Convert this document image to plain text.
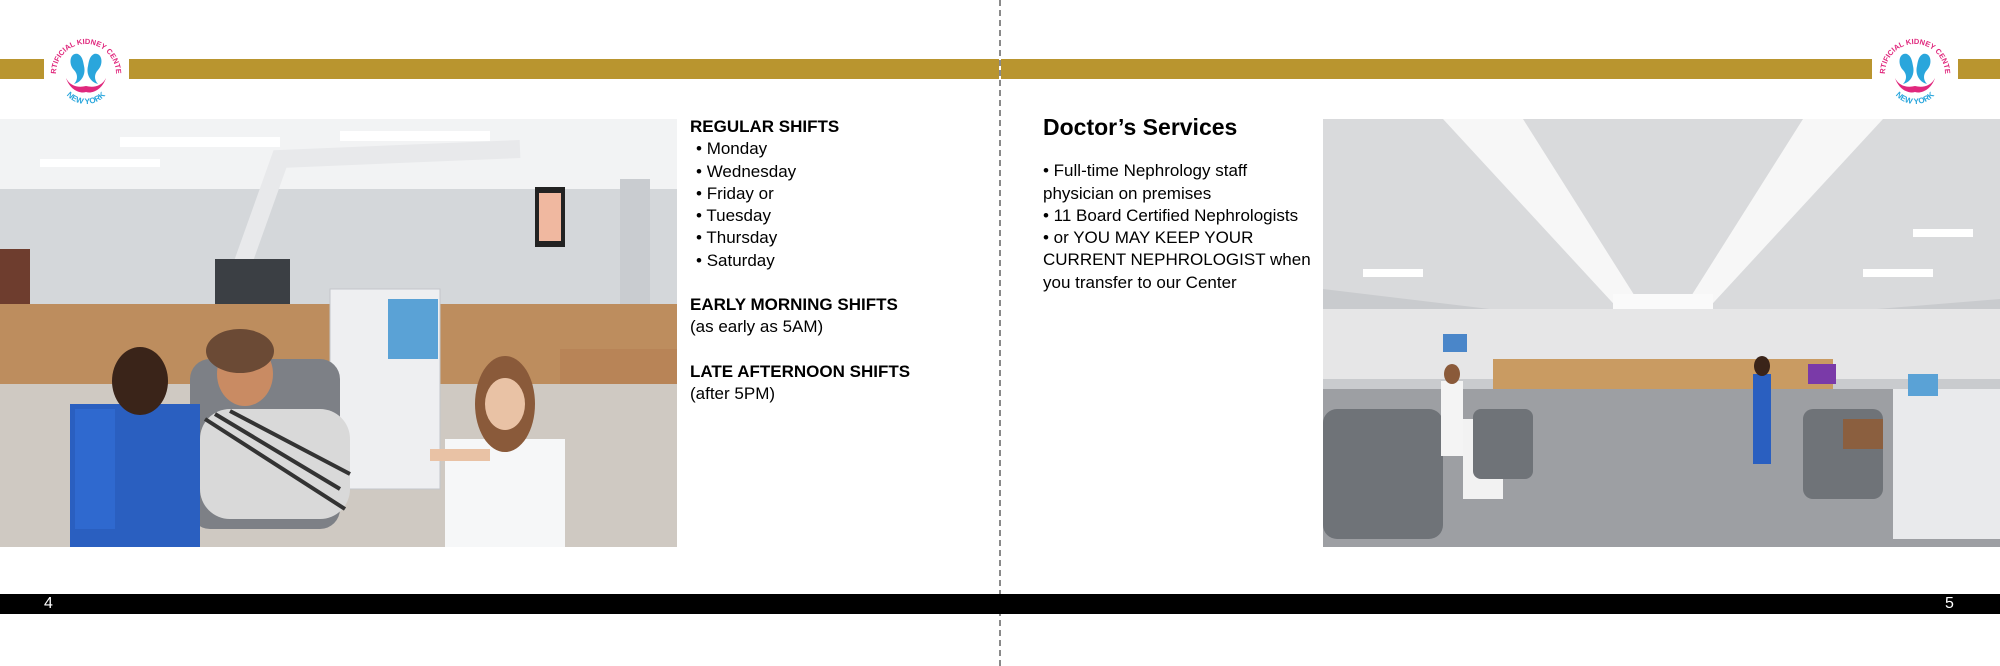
RTIFICIAL KIDNEY CENTE
NEW YORK
RTIFICIAL KIDNEY CENTE
NEW YORK
REGULAR SHIFTS
• Monday
• Wednesday
• Friday or
• Tuesday
• Thursday
• Saturday
EARLY MORNING SHIFTS
(as early as 5AM)
LATE AFTERNOON SHIFTS
(after 5PM)
Doctor’s Services
• Full-time Nephrology staff
physician on premises
• 11 Board Certified Nephrologists
• or YOU MAY KEEP YOUR
CURRENT NEPHROLOGIST when
you transfer to our Center
4	5
